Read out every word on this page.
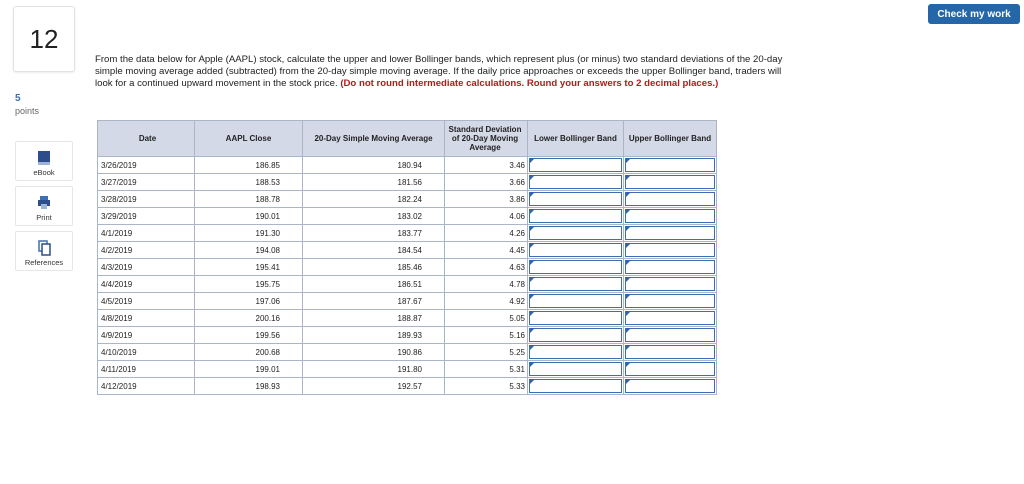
Check my work
12
5
points
eBook
Print
References
From the data below for Apple (AAPL) stock, calculate the upper and lower Bollinger bands, which represent plus (or minus) two standard deviations of the 20-day simple moving average added (subtracted) from the 20-day simple moving average. If the daily price approaches or exceeds the upper Bollinger band, traders will look for a continued upward movement in the stock price. (Do not round intermediate calculations. Round your answers to 2 decimal places.)
Date	AAPL Close	20-Day Simple Moving Average	Standard Deviation of 20-Day Moving Average	Lower Bollinger Band	Upper Bollinger Band
3/26/2019	186.85	180.94	3.46	

3/27/2019	188.53	181.56	3.66	

3/28/2019	188.78	182.24	3.86	

3/29/2019	190.01	183.02	4.06	

4/1/2019	191.30	183.77	4.26	

4/2/2019	194.08	184.54	4.45	

4/3/2019	195.41	185.46	4.63	

4/4/2019	195.75	186.51	4.78	

4/5/2019	197.06	187.67	4.92	

4/8/2019	200.16	188.87	5.05	

4/9/2019	199.56	189.93	5.16	

4/10/2019	200.68	190.86	5.25	

4/11/2019	199.01	191.80	5.31	

4/12/2019	198.93	192.57	5.33	
